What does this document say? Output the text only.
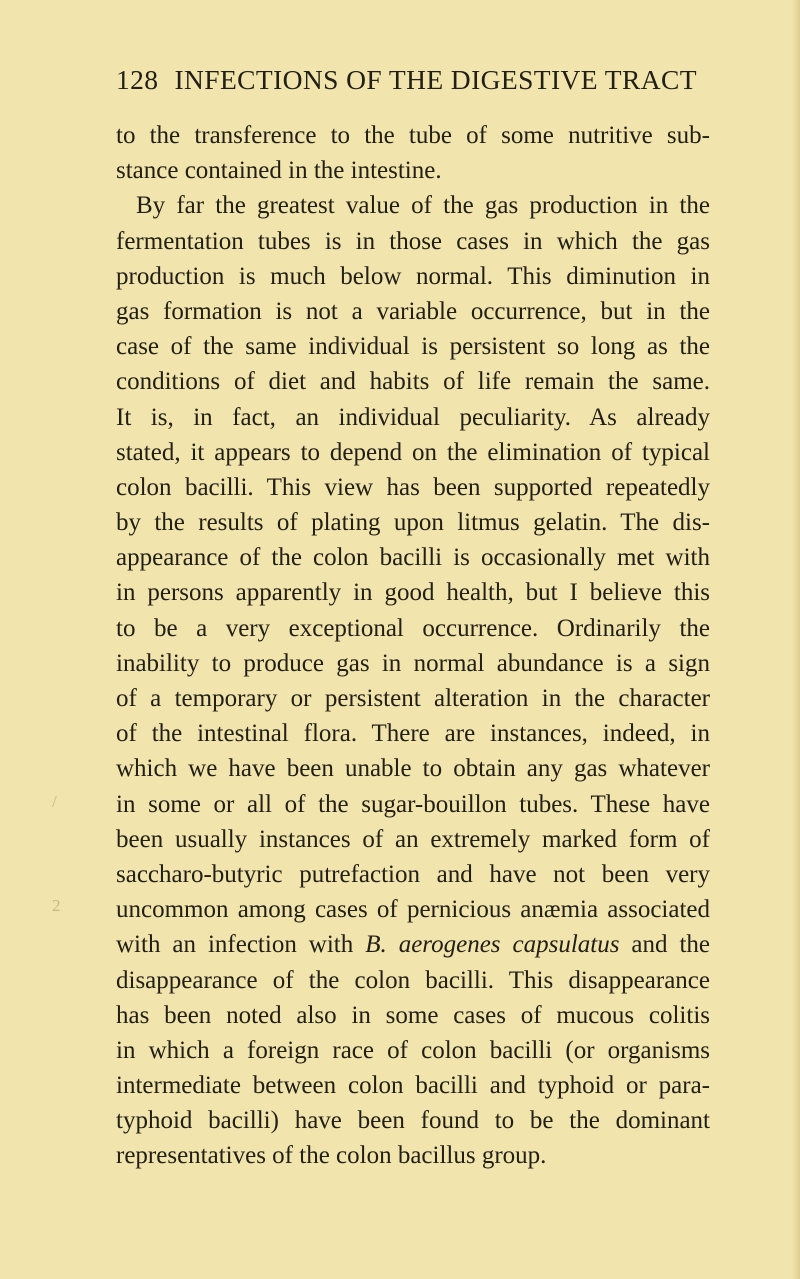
128 INFECTIONS OF THE DIGESTIVE TRACT
/
2
to the transference to the tube of some nutritive sub-
stance contained in the intestine.
By far the greatest value of the gas production in the
fermentation tubes is in those cases in which the gas
production is much below normal. This diminution in
gas formation is not a variable occurrence, but in the
case of the same individual is persistent so long as the
conditions of diet and habits of life remain the same.
It is, in fact, an individual peculiarity. As already
stated, it appears to depend on the elimination of typical
colon bacilli. This view has been supported repeatedly
by the results of plating upon litmus gelatin. The dis-
appearance of the colon bacilli is occasionally met with
in persons apparently in good health, but I believe this
to be a very exceptional occurrence. Ordinarily the
inability to produce gas in normal abundance is a sign
of a temporary or persistent alteration in the character
of the intestinal flora. There are instances, indeed, in
which we have been unable to obtain any gas whatever
in some or all of the sugar-bouillon tubes. These have
been usually instances of an extremely marked form of
saccharo-butyric putrefaction and have not been very
uncommon among cases of pernicious anæmia associated
with an infection with B. aerogenes capsulatus and the
disappearance of the colon bacilli. This disappearance
has been noted also in some cases of mucous colitis
in which a foreign race of colon bacilli (or organisms
intermediate between colon bacilli and typhoid or para-
typhoid bacilli) have been found to be the dominant
representatives of the colon bacillus group.
